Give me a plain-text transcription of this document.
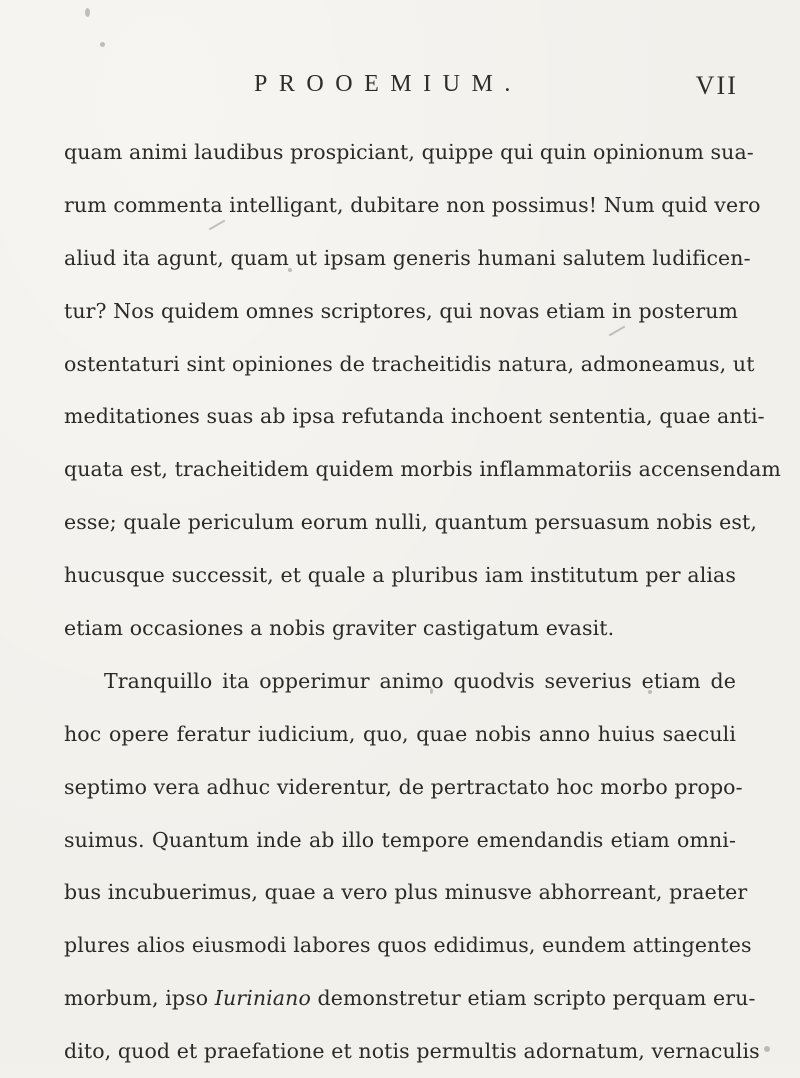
PROOEMIUM.	VII
quam animi laudibus prospiciant, quippe qui quin opinionum sua-
rum commenta intelligant, dubitare non possimus! Num quid vero
aliud ita agunt, quam ut ipsam generis humani salutem ludificen-
tur? Nos quidem omnes scriptores, qui novas etiam in posterum
ostentaturi sint opiniones de tracheitidis natura, admoneamus, ut
meditationes suas ab ipsa refutanda inchoent sententia, quae anti-
quata est, tracheitidem quidem morbis inflammatoriis accensendam
esse; quale periculum eorum nulli, quantum persuasum nobis est,
hucusque successit, et quale a pluribus iam institutum per alias
etiam occasiones a nobis graviter castigatum evasit.
Tranquillo ita opperimur animo quodvis severius etiam de
hoc opere feratur iudicium, quo, quae nobis anno huius saeculi
septimo vera adhuc viderentur, de pertractato hoc morbo propo-
suimus. Quantum inde ab illo tempore emendandis etiam omni-
bus incubuerimus, quae a vero plus minusve abhorreant, praeter
plures alios eiusmodi labores quos edidimus, eundem attingentes
morbum, ipso Iuriniano demonstretur etiam scripto perquam eru-
dito, quod et praefatione et notis permultis adornatum, vernaculis
